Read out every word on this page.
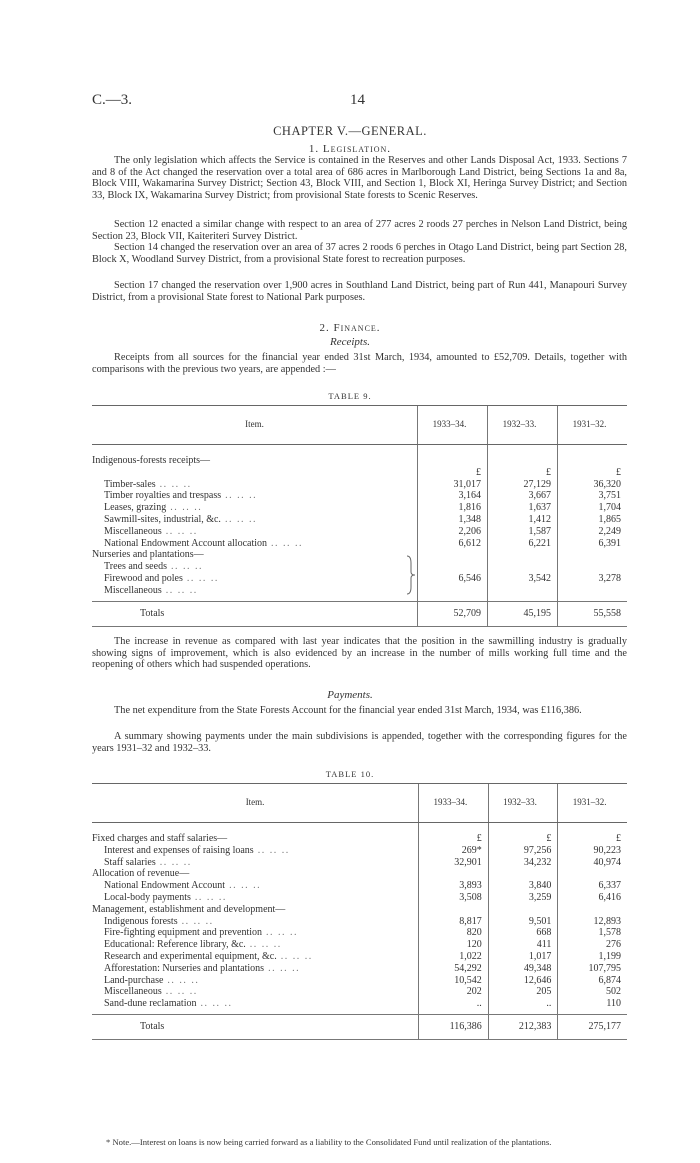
C.—3.	14
CHAPTER V.—GENERAL.
1. Legislation.

The only legislation which affects the Service is contained in the Reserves and other Lands Disposal Act, 1933. Sections 7 and 8 of the Act changed the reservation over a total area of 686 acres in Marlborough Land District, being Sections 1a and 8a, Block VIII, Wakamarina Survey District; Section 43, Block VIII, and Section 1, Block XI, Heringa Survey District; and Section 33, Block IX, Wakamarina Survey District; from provisional State forests to Scenic Reserves.

Section 12 enacted a similar change with respect to an area of 277 acres 2 roods 27 perches in Nelson Land District, being Section 23, Block VII, Kaiteriteri Survey District.

Section 14 changed the reservation over an area of 37 acres 2 roods 6 perches in Otago Land District, being part Section 28, Block X, Woodland Survey District, from a provisional State forest to recreation purposes.

Section 17 changed the reservation over 1,900 acres in Southland Land District, being part of Run 441, Manapouri Survey District, from a provisional State forest to National Park purposes.

2. Finance.
Receipts.

Receipts from all sources for the financial year ended 31st March, 1934, amounted to £52,709. Details, together with comparisons with the previous two years, are appended :—

TABLE 9.
Item.	1933–34.	1932–33.	1931–32.

Indigenous-forests receipts—			
	£	£	£
Timber-sales .. .. ..	31,017	27,129	36,320
Timber royalties and trespass .. .. ..	3,164	3,667	3,751
Leases, grazing .. .. ..	1,816	1,637	1,704
Sawmill-sites, industrial, &c. .. .. ..	1,348	1,412	1,865
Miscellaneous .. .. ..	2,206	1,587	2,249
National Endowment Account allocation .. .. ..	6,612	6,221	6,391
Nurseries and plantations—			
Trees and seeds .. .. ..			
Firewood and poles .. .. ..	6,546	3,542	3,278
Miscellaneous .. .. ..			

Totals	52,709	45,195	55,558

The increase in revenue as compared with last year indicates that the position in the sawmilling industry is gradually showing signs of improvement, which is also evidenced by an increase in the number of mills working full time and the reopening of others which had suspended operations.

Payments.

The net expenditure from the State Forests Account for the financial year ended 31st March, 1934, was £116,386.

A summary showing payments under the main subdivisions is appended, together with the corresponding figures for the years 1931–32 and 1932–33.

TABLE 10.
Item.	1933–34.	1932–33.	1931–32.

Fixed charges and staff salaries—	£	£	£
Interest and expenses of raising loans .. .. ..	269*	97,256	90,223
Staff salaries .. .. ..	32,901	34,232	40,974
Allocation of revenue—			
National Endowment Account .. .. ..	3,893	3,840	6,337
Local-body payments .. .. ..	3,508	3,259	6,416
Management, establishment and development—			
Indigenous forests .. .. ..	8,817	9,501	12,893
Fire-fighting equipment and prevention .. .. ..	820	668	1,578
Educational: Reference library, &c. .. .. ..	120	411	276
Research and experimental equipment, &c. .. .. ..	1,022	1,017	1,199
Afforestation: Nurseries and plantations .. .. ..	54,292	49,348	107,795
Land-purchase .. .. ..	10,542	12,646	6,874
Miscellaneous .. .. ..	202	205	502
Sand-dune reclamation .. .. ..	..	..	110

Totals	116,386	212,383	275,177

* Note.—Interest on loans is now being carried forward as a liability to the Consolidated Fund until realization of the plantations.
